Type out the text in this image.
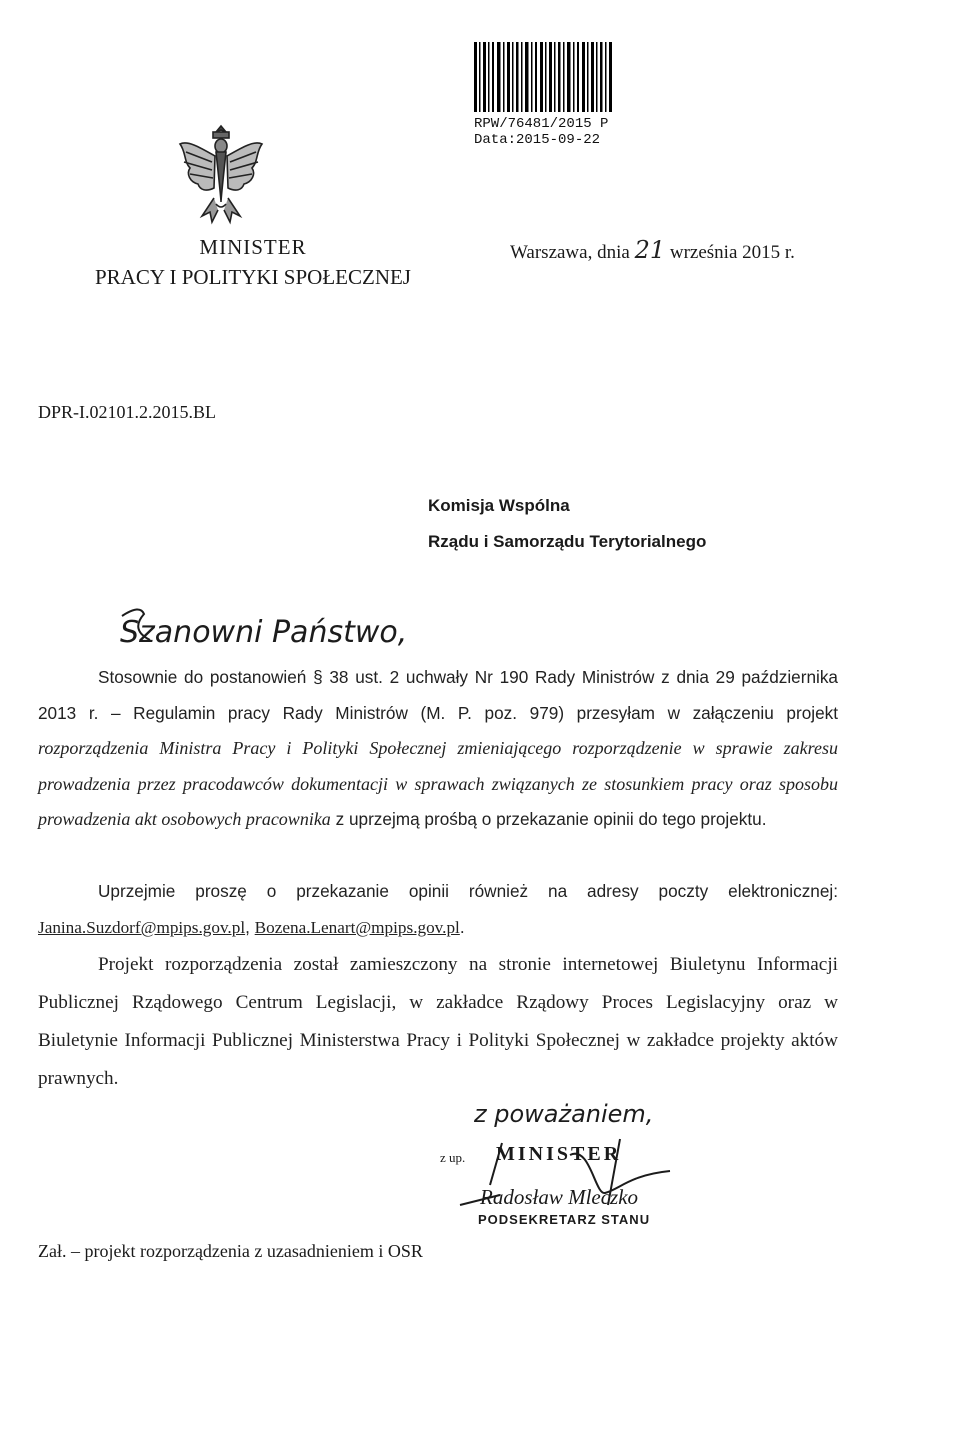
RPW/76481/2015 P
Data:2015-09-22
MINISTER
PRACY I POLITYKI SPOŁECZNEJ
Warszawa, dnia 21 września 2015 r.
DPR-I.02101.2.2015.BL
Komisja Wspólna
Rządu i Samorządu Terytorialnego
Szanowni Państwo,
Stosownie do postanowień § 38 ust. 2 uchwały Nr 190 Rady Ministrów z dnia 29 października 2013 r. – Regulamin pracy Rady Ministrów (M. P. poz. 979) przesyłam w załączeniu projekt rozporządzenia Ministra Pracy i Polityki Społecznej zmieniającego rozporządzenie w sprawie zakresu prowadzenia przez pracodawców dokumentacji w sprawach związanych ze stosunkiem pracy oraz sposobu prowadzenia akt osobowych pracownika z uprzejmą prośbą o przekazanie opinii do tego projektu.
Uprzejmie proszę o przekazanie opinii również na adresy poczty elektronicznej: Janina.Suzdorf@mpips.gov.pl, Bozena.Lenart@mpips.gov.pl.
Projekt rozporządzenia został zamieszczony na stronie internetowej Biuletynu Informacji Publicznej Rządowego Centrum Legislacji, w zakładce Rządowy Proces Legislacyjny oraz w Biuletynie Informacji Publicznej Ministerstwa Pracy i Polityki Społecznej w zakładce projekty aktów prawnych.
z poważaniem,
z up. MINISTER
Radosław Mleczko
PODSEKRETARZ STANU
Zał. – projekt rozporządzenia z uzasadnieniem i OSR
